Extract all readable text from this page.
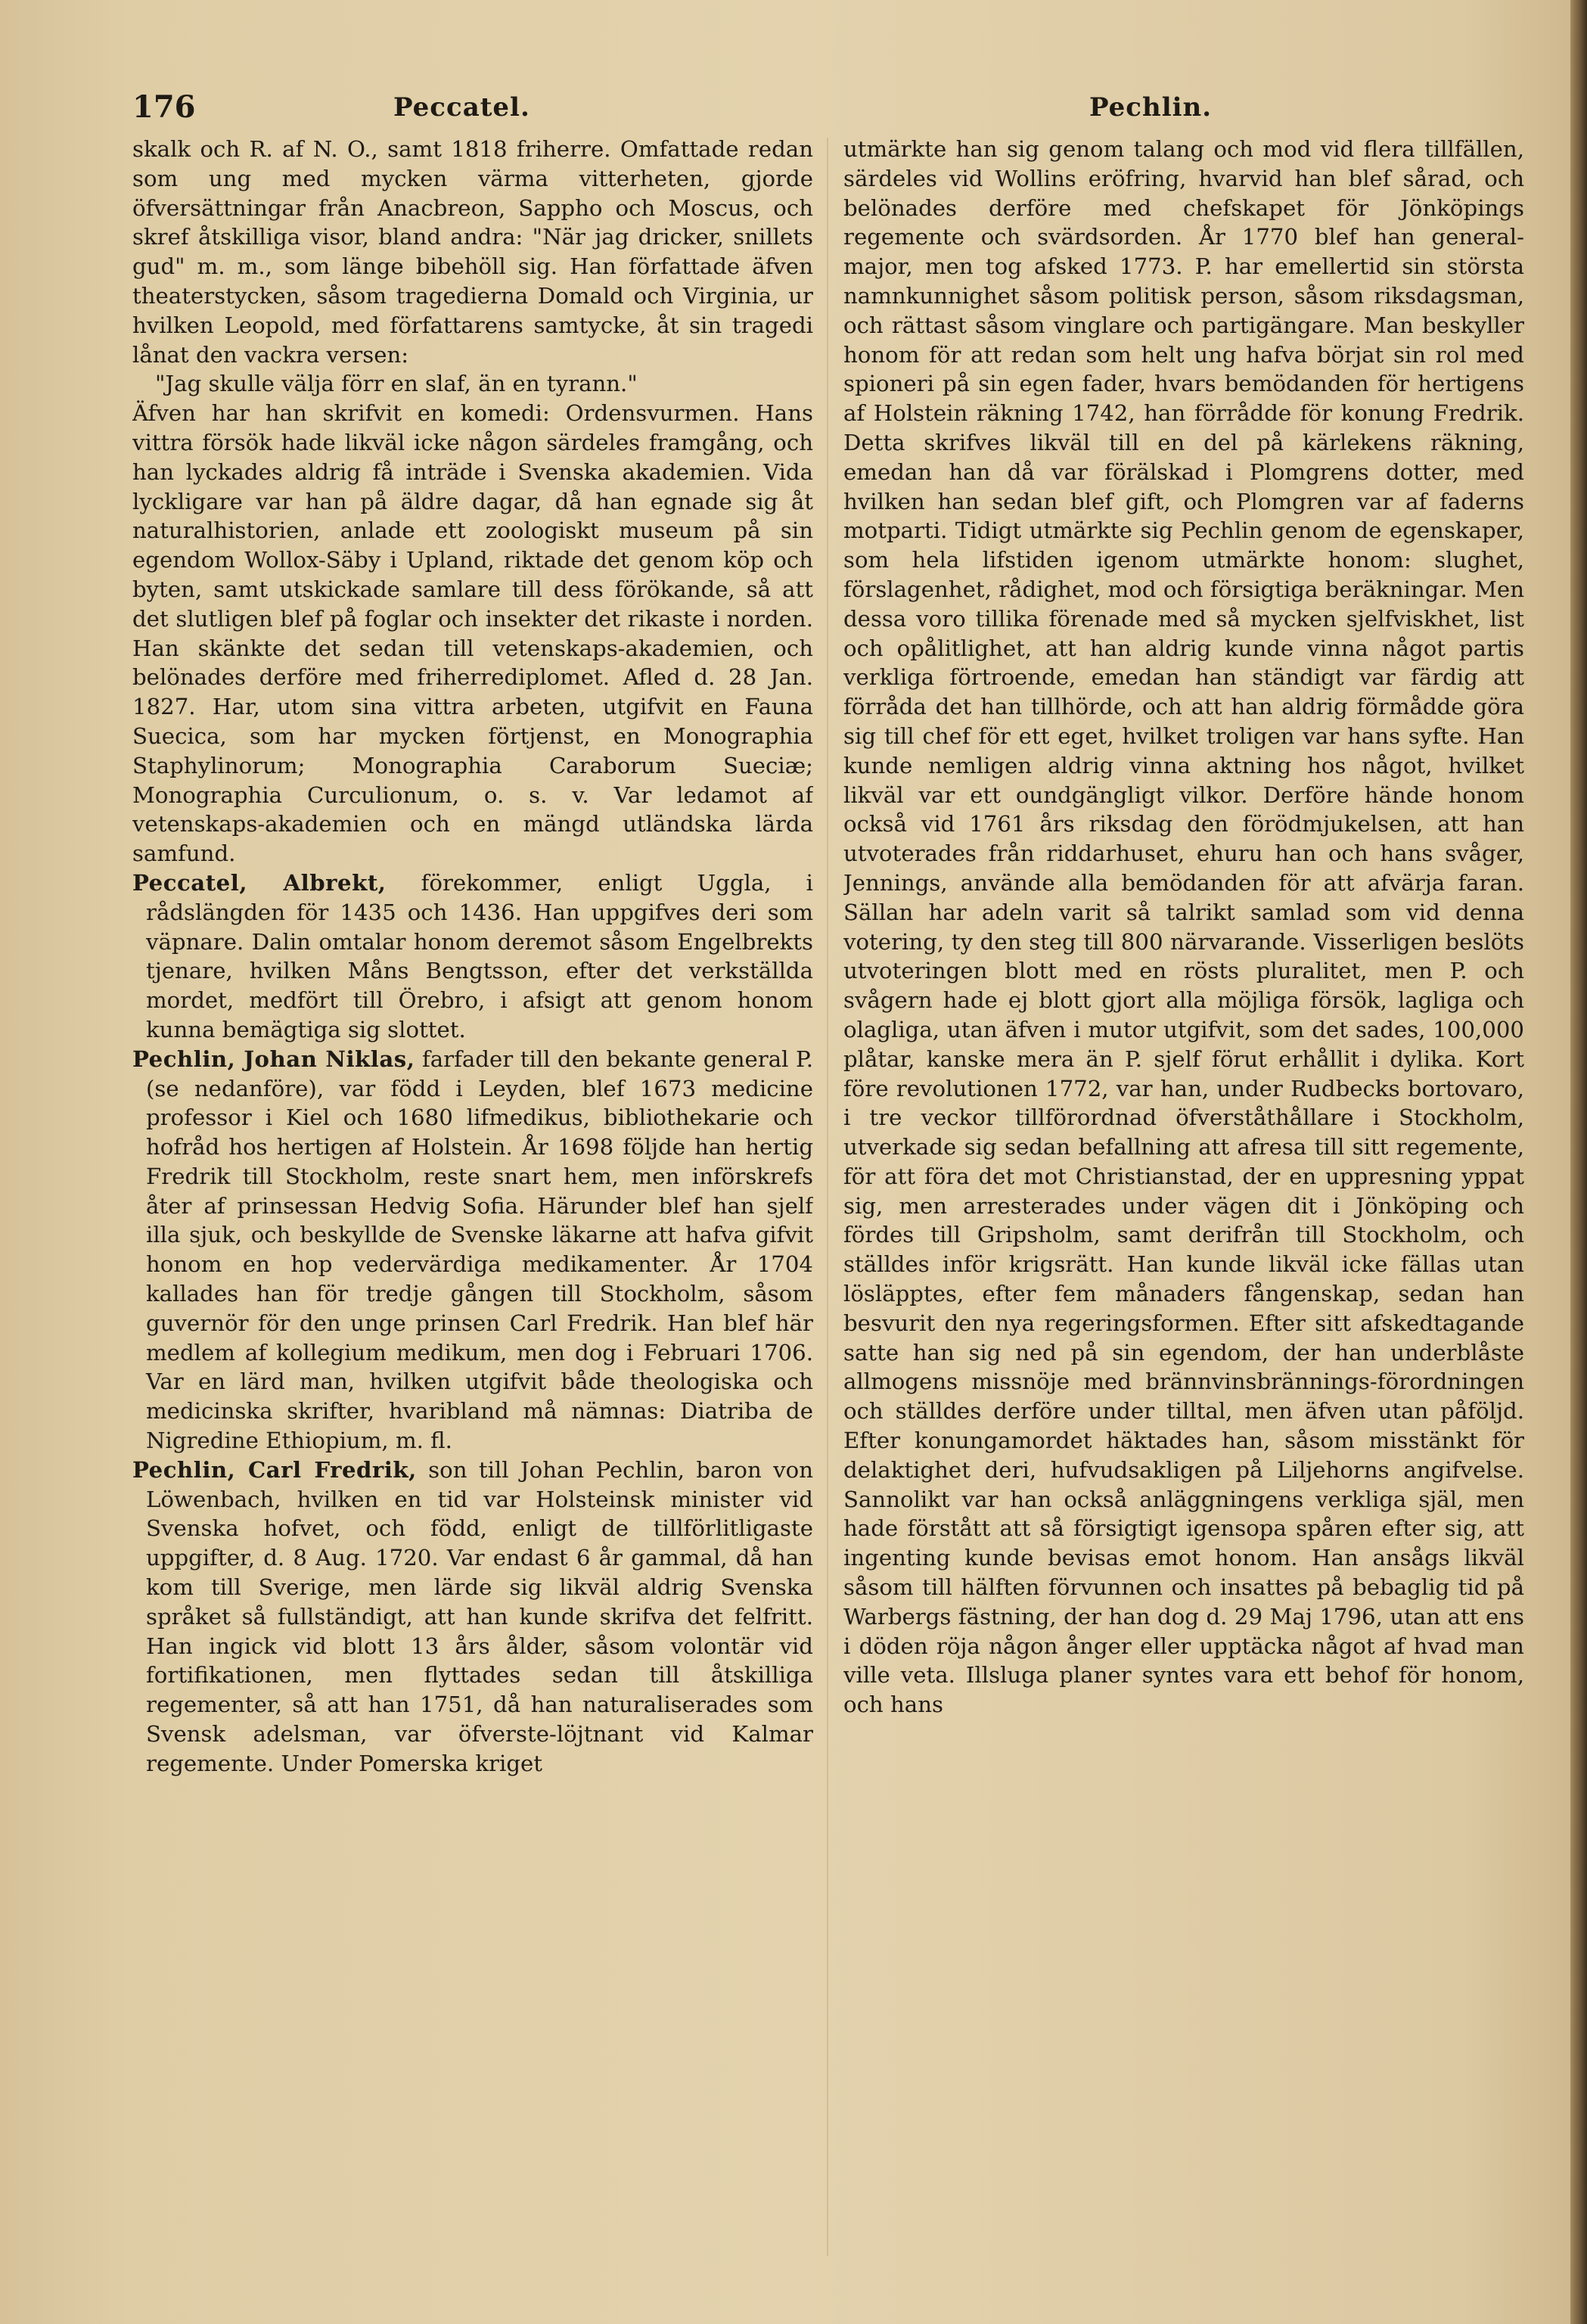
176	Peccatel.	Pechlin.

skalk och R. af N. O., samt 1818 friherre. Omfattade redan som ung med mycken värma vitterheten, gjorde öfversättningar från Anacbreon, Sappho och Moscus, och skref åtskilliga visor, bland andra: "När jag dricker, snillets gud" m. m., som länge bibehöll sig. Han författade äfven theaterstycken, såsom tragedierna Domald och Virginia, ur hvilken Leopold, med författarens samtycke, åt sin tragedi lånat den vackra versen:

"Jag skulle välja förr en slaf, än en tyrann."

Äfven har han skrifvit en komedi: Ordensvurmen. Hans vittra försök hade likväl icke någon särdeles framgång, och han lyckades aldrig få inträde i Svenska akademien. Vida lyckligare var han på äldre dagar, då han egnade sig åt naturalhistorien, anlade ett zoologiskt museum på sin egendom Wollox-Säby i Upland, riktade det genom köp och byten, samt utskickade samlare till dess förökande, så att det slutligen blef på foglar och insekter det rikaste i norden. Han skänkte det sedan till vetenskaps-akademien, och belönades derföre med friherrediplomet. Afled d. 28 Jan. 1827. Har, utom sina vittra arbeten, utgifvit en Fauna Suecica, som har mycken förtjenst, en Monographia Staphylinorum; Monographia Caraborum Sueciæ; Monographia Curculionum, o. s. v. Var ledamot af vetenskaps-akademien och en mängd utländska lärda samfund.

Peccatel, Albrekt, förekommer, enligt Uggla, i rådslängden för 1435 och 1436. Han uppgifves deri som väpnare. Dalin omtalar honom deremot såsom Engelbrekts tjenare, hvilken Måns Bengtsson, efter det verkställda mordet, medfört till Örebro, i afsigt att genom honom kunna bemägtiga sig slottet.

Pechlin, Johan Niklas, farfader till den bekante general P. (se nedanföre), var född i Leyden, blef 1673 medicine professor i Kiel och 1680 lifmedikus, bibliothekarie och hofråd hos hertigen af Holstein. År 1698 följde han hertig Fredrik till Stockholm, reste snart hem, men införskrefs åter af prinsessan Hedvig Sofia. Härunder blef han sjelf illa sjuk, och beskyllde de Svenske läkarne att hafva gifvit honom en hop vedervärdiga medikamenter. År 1704 kallades han för tredje gången till Stockholm, såsom guvernör för den unge prinsen Carl Fredrik. Han blef här medlem af kollegium medikum, men dog i Februari 1706. Var en lärd man, hvilken utgifvit både theologiska och medicinska skrifter, hvaribland må nämnas: Diatriba de Nigredine Ethiopium, m. fl.

Pechlin, Carl Fredrik, son till Johan Pechlin, baron von Löwenbach, hvilken en tid var Holsteinsk minister vid Svenska hofvet, och född, enligt de tillförlitligaste uppgifter, d. 8 Aug. 1720. Var endast 6 år gammal, då han kom till Sverige, men lärde sig likväl aldrig Svenska språket så fullständigt, att han kunde skrifva det felfritt. Han ingick vid blott 13 års ålder, såsom volontär vid fortifikationen, men flyttades sedan till åtskilliga regementer, så att han 1751, då han naturaliserades som Svensk adelsman, var öfverste-löjtnant vid Kalmar regemente. Under Pomerska kriget

utmärkte han sig genom talang och mod vid flera tillfällen, särdeles vid Wollins eröfring, hvarvid han blef sårad, och belönades derföre med chefskapet för Jönköpings regemente och svärdsorden. År 1770 blef han general-major, men tog afsked 1773. P. har emellertid sin största namnkunnighet såsom politisk person, såsom riksdagsman, och rättast såsom vinglare och partigängare. Man beskyller honom för att redan som helt ung hafva börjat sin rol med spioneri på sin egen fader, hvars bemödanden för hertigens af Holstein räkning 1742, han förrådde för konung Fredrik. Detta skrifves likväl till en del på kärlekens räkning, emedan han då var förälskad i Plomgrens dotter, med hvilken han sedan blef gift, och Plomgren var af faderns motparti. Tidigt utmärkte sig Pechlin genom de egenskaper, som hela lifstiden igenom utmärkte honom: slughet, förslagenhet, rådighet, mod och försigtiga beräkningar. Men dessa voro tillika förenade med så mycken sjelfviskhet, list och opålitlighet, att han aldrig kunde vinna något partis verkliga förtroende, emedan han ständigt var färdig att förråda det han tillhörde, och att han aldrig förmådde göra sig till chef för ett eget, hvilket troligen var hans syfte. Han kunde nemligen aldrig vinna aktning hos något, hvilket likväl var ett oundgängligt vilkor. Derföre hände honom också vid 1761 års riksdag den förödmjukelsen, att han utvoterades från riddarhuset, ehuru han och hans svåger, Jennings, använde alla bemödanden för att afvärja faran. Sällan har adeln varit så talrikt samlad som vid denna votering, ty den steg till 800 närvarande. Visserligen beslöts utvoteringen blott med en rösts pluralitet, men P. och svågern hade ej blott gjort alla möjliga försök, lagliga och olagliga, utan äfven i mutor utgifvit, som det sades, 100,000 plåtar, kanske mera än P. sjelf förut erhållit i dylika. Kort före revolutionen 1772, var han, under Rudbecks bortovaro, i tre veckor tillförordnad öfverståthållare i Stockholm, utverkade sig sedan befallning att afresa till sitt regemente, för att föra det mot Christianstad, der en uppresning yppat sig, men arresterades under vägen dit i Jönköping och fördes till Gripsholm, samt derifrån till Stockholm, och ställdes inför krigsrätt. Han kunde likväl icke fällas utan lösläpptes, efter fem månaders fångenskap, sedan han besvurit den nya regeringsformen. Efter sitt afskedtagande satte han sig ned på sin egendom, der han underblåste allmogens missnöje med brännvinsbrännings-förordningen och ställdes derföre under tilltal, men äfven utan påföljd. Efter konungamordet häktades han, såsom misstänkt för delaktighet deri, hufvudsakligen på Liljehorns angifvelse. Sannolikt var han också anläggningens verkliga själ, men hade förstått att så försigtigt igensopa spåren efter sig, att ingenting kunde bevisas emot honom. Han ansågs likväl såsom till hälften förvunnen och insattes på bebaglig tid på Warbergs fästning, der han dog d. 29 Maj 1796, utan att ens i döden röja någon ånger eller upptäcka något af hvad man ville veta. Illsluga planer syntes vara ett behof för honom, och hans
